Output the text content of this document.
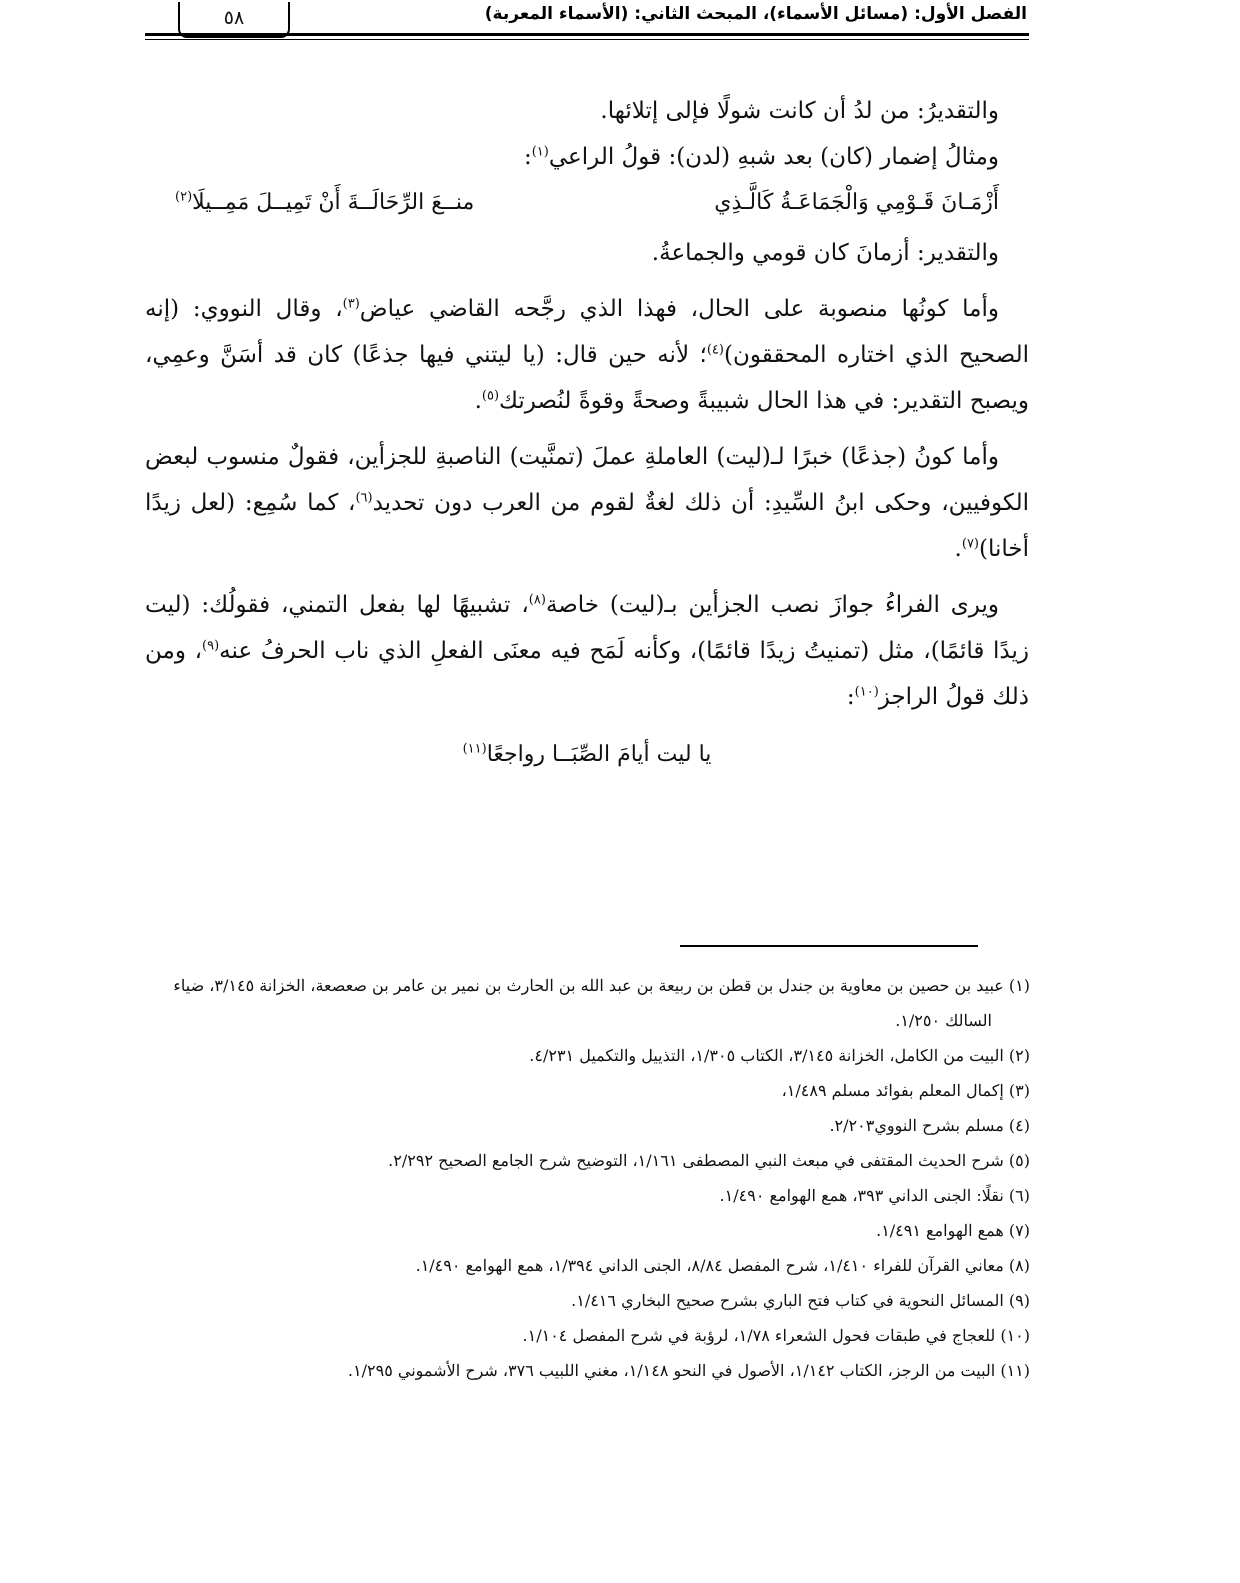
٥٨	الفصل الأول: (مسائل الأسماء)، المبحث الثاني: (الأسماء المعربة)

والتقديرُ: من لدُ أن كانت شولًا فإلى إتلائها.

ومثالُ إضمار (كان) بعد شبهِ (لدن): قولُ الراعي$^{(١)}$:

أَزْمَـانَ قَـوْمِي وَالْجَمَاعَـةُ كَالَّـذِي
منــعَ الرِّحَالَــةَ أَنْ تَمِيــلَ مَمِــيلَا$^{(٢)}$

والتقدير: أزمانَ كان قومي والجماعةُ.

وأما كونُها منصوبة على الحال، فهذا الذي رجَّحه القاضي عياض$^{(٣)}$، وقال النووي: (إنه الصحيح الذي اختاره المحققون)$^{(٤)}$؛ لأنه حين قال: (يا ليتني فيها جذعًا) كان قد أسَنَّ وعمِي، ويصبح التقدير: في هذا الحال شبيبةً وصحةً وقوةً لنُصرتك$^{(٥)}$.

وأما كونُ (جذعًا) خبرًا لـ(ليت) العاملةِ عملَ (تمنَّيت) الناصبةِ للجزأين، فقولٌ منسوب لبعض الكوفيين، وحكى ابنُ السِّيدِ: أن ذلك لغةٌ لقوم من العرب دون تحديد$^{(٦)}$، كما سُمِع: (لعل زيدًا أخانا)$^{(٧)}$.

ويرى الفراءُ جوازَ نصب الجزأين بـ(ليت) خاصة$^{(٨)}$، تشبيهًا لها بفعل التمني، فقولُك: (ليت زيدًا قائمًا)، مثل (تمنيتُ زيدًا قائمًا)، وكأنه لَمَح فيه معنَى الفعلِ الذي ناب الحرفُ عنه$^{(٩)}$، ومن ذلك قولُ الراجز$^{(١٠)}$:

يا ليت أيامَ الصِّبَــا رواجعًا$^{(١١)}$

(١) عبيد بن حصين بن معاوية بن جندل بن قطن بن ربيعة بن عبد الله بن الحارث بن نمير بن عامر بن صعصعة، الخزانة ٣/١٤٥، ضياء السالك ١/٢٥٠.

(٢) البيت من الكامل، الخزانة ٣/١٤٥، الكتاب ١/٣٠٥، التذييل والتكميل ٤/٢٣١.

(٣) إكمال المعلم بفوائد مسلم ١/٤٨٩،

(٤) مسلم بشرح النووي٢/٢٠٣.

(٥) شرح الحديث المقتفى في مبعث النبي المصطفى ١/١٦١، التوضيح شرح الجامع الصحيح ٢/٢٩٢.

(٦) نقلًا: الجنى الداني ٣٩٣، همع الهوامع ١/٤٩٠.

(٧) همع الهوامع ١/٤٩١.

(٨) معاني القرآن للفراء ١/٤١٠، شرح المفصل ٨/٨٤، الجنى الداني ١/٣٩٤، همع الهوامع ١/٤٩٠.

(٩) المسائل النحوية في كتاب فتح الباري بشرح صحيح البخاري ١/٤١٦.

(١٠) للعجاج في طبقات فحول الشعراء ١/٧٨، لرؤبة في شرح المفصل ١/١٠٤.

(١١) البيت من الرجز، الكتاب ١/١٤٢، الأصول في النحو ١/١٤٨، مغني اللبيب ٣٧٦، شرح الأشموني ١/٢٩٥.
